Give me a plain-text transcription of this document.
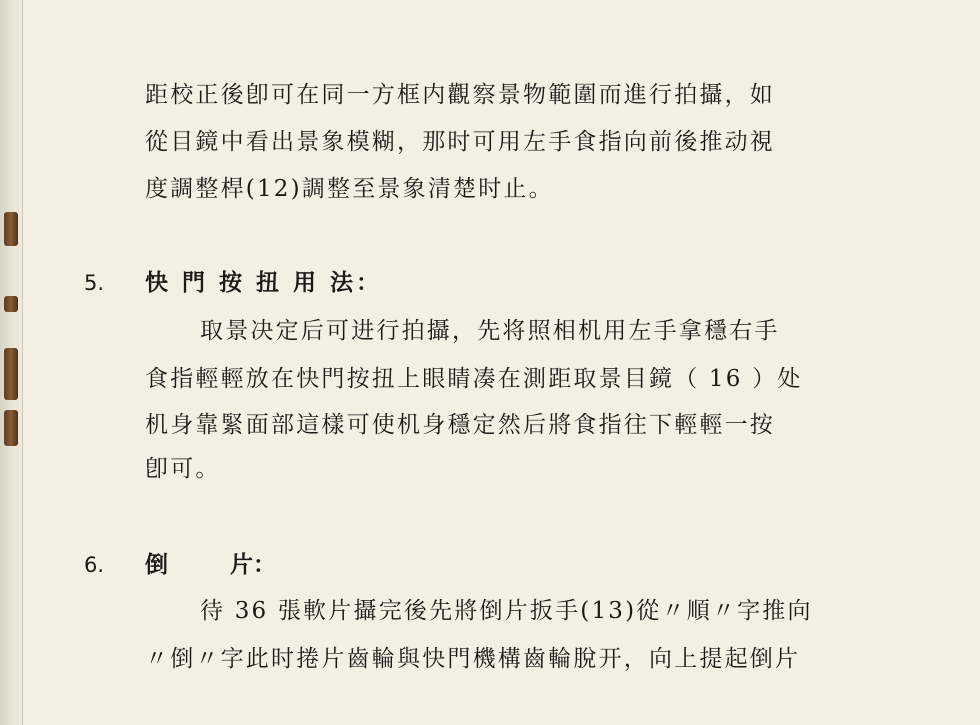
距校正後卽可在同一方框内觀察景物範圍而進行拍攝，如
從目鏡中看出景象模糊，那时可用左手食指向前後推动視
度調整桿(12)調整至景象清楚时止。
5. 快 門 按 扭 用 法：
取景决定后可进行拍攝，先将照相机用左手拿穩右手
食指輕輕放在快門按扭上眼睛凑在測距取景目鏡（ 16 ）处
机身靠緊面部這樣可使机身穩定然后將食指往下輕輕一按
卽可。
6. 倒	片：
待 36 張軟片攝完後先將倒片扳手(13)從〃順〃字推向
〃倒〃字此时捲片齒輪與快門機構齒輪脫开，向上提起倒片
